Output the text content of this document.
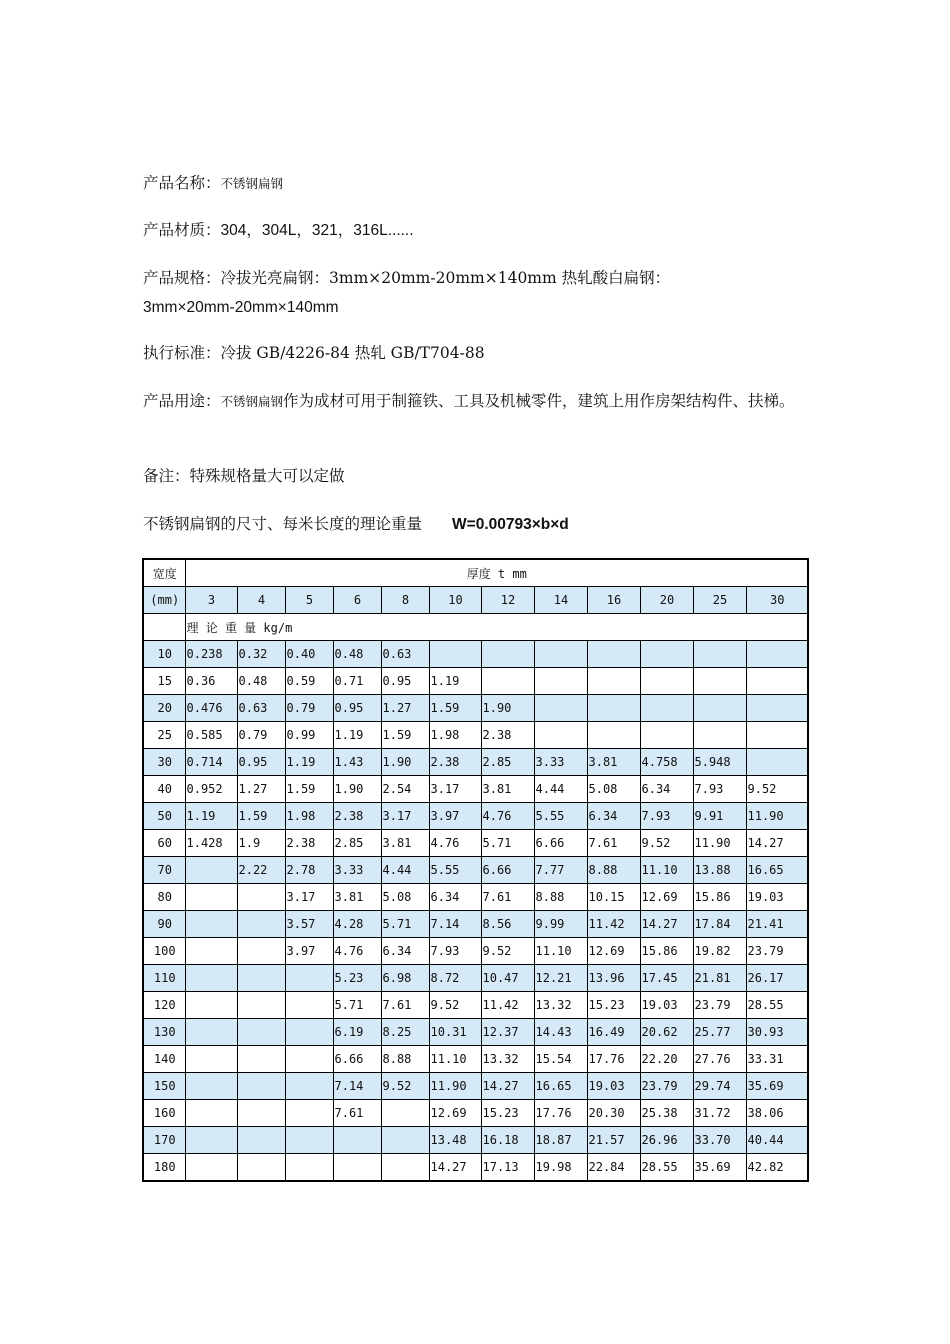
产品名称：不锈钢扁钢
产品材质：304，304L，321，316L......
产品规格：冷拔光亮扁钢：3mm×20mm-20mm×140mm 热轧酸白扁钢：
3mm×20mm-20mm×140mm
执行标准：冷拔 GB/4226-84 热轧 GB/T704-88
产品用途：不锈钢扁钢作为成材可用于制箍铁、工具及机械零件，建筑上用作房架结构件、扶梯。
备注：特殊规格量大可以定做
不锈钢扁钢的尺寸、每米长度的理论重量 W=0.00793×b×d
宽度	厚度 t mm											
(mm)	3	4	5	6	8	10	12	14	16	20	25	30
	理 论 重 量 kg/m											
10	0.238	0.32	0.40	0.48	0.63							
15	0.36	0.48	0.59	0.71	0.95	1.19						
20	0.476	0.63	0.79	0.95	1.27	1.59	1.90					
25	0.585	0.79	0.99	1.19	1.59	1.98	2.38					
30	0.714	0.95	1.19	1.43	1.90	2.38	2.85	3.33	3.81	4.758	5.948	
40	0.952	1.27	1.59	1.90	2.54	3.17	3.81	4.44	5.08	6.34	7.93	9.52
50	1.19	1.59	1.98	2.38	3.17	3.97	4.76	5.55	6.34	7.93	9.91	11.90
60	1.428	1.9	2.38	2.85	3.81	4.76	5.71	6.66	7.61	9.52	11.90	14.27
70		2.22	2.78	3.33	4.44	5.55	6.66	7.77	8.88	11.10	13.88	16.65
80			3.17	3.81	5.08	6.34	7.61	8.88	10.15	12.69	15.86	19.03
90			3.57	4.28	5.71	7.14	8.56	9.99	11.42	14.27	17.84	21.41
100			3.97	4.76	6.34	7.93	9.52	11.10	12.69	15.86	19.82	23.79
110				5.23	6.98	8.72	10.47	12.21	13.96	17.45	21.81	26.17
120				5.71	7.61	9.52	11.42	13.32	15.23	19.03	23.79	28.55
130				6.19	8.25	10.31	12.37	14.43	16.49	20.62	25.77	30.93
140				6.66	8.88	11.10	13.32	15.54	17.76	22.20	27.76	33.31
150				7.14	9.52	11.90	14.27	16.65	19.03	23.79	29.74	35.69
160				7.61		12.69	15.23	17.76	20.30	25.38	31.72	38.06
170						13.48	16.18	18.87	21.57	26.96	33.70	40.44
180						14.27	17.13	19.98	22.84	28.55	35.69	42.82
